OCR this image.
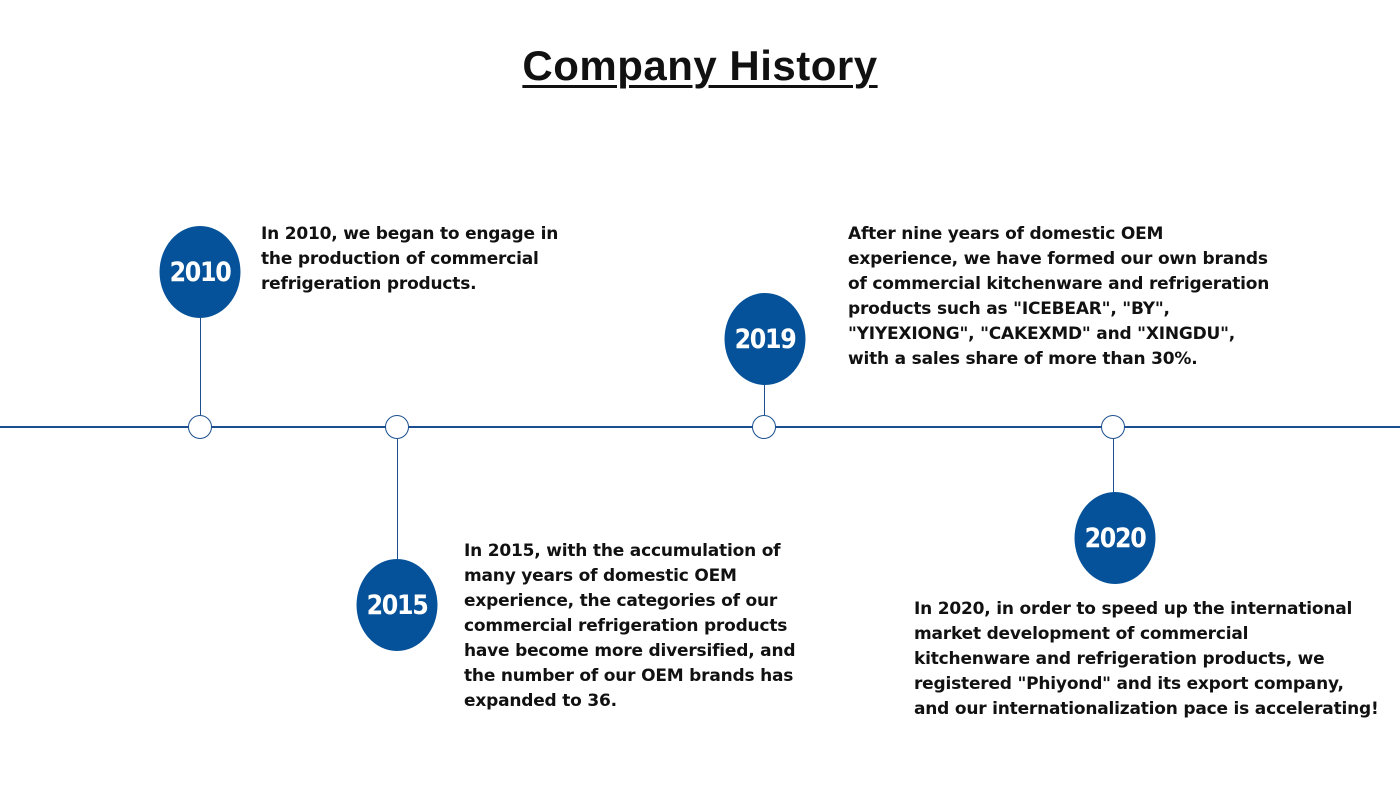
Company History
2010
In 2010, we began to engage in
the production of commercial
refrigeration products.
2015
In 2015, with the accumulation of
many years of domestic OEM
experience, the categories of our
commercial refrigeration products
have become more diversified, and
the number of our OEM brands has
expanded to 36.
2019
After nine years of domestic OEM
experience, we have formed our own brands
of commercial kitchenware and refrigeration
products such as "ICEBEAR", "BY",
"YIYEXIONG", "CAKEXMD" and "XINGDU",
with a sales share of more than 30%.
2020
In 2020, in order to speed up the international
market development of commercial
kitchenware and refrigeration products, we
registered "Phiyond" and its export company,
and our internationalization pace is accelerating!
